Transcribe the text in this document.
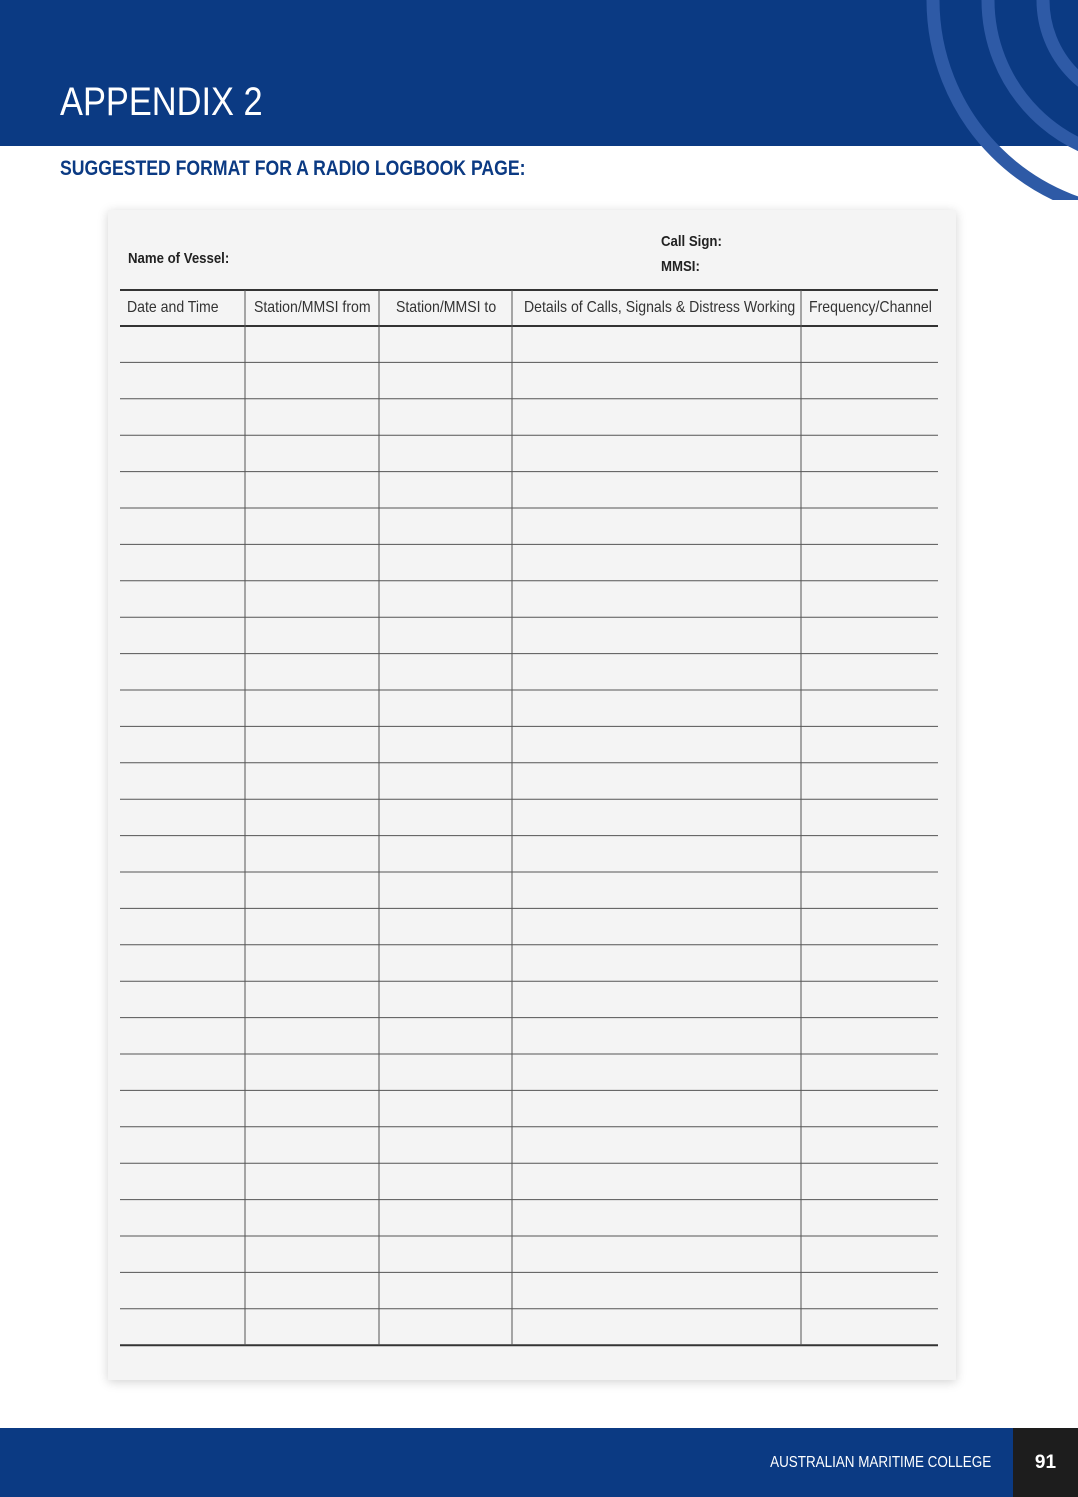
APPENDIX 2
SUGGESTED FORMAT FOR A RADIO LOGBOOK PAGE:
Name of Vessel:
Call Sign:
MMSI:
Date and Time Station/MMSI from Station/MMSI to Details of Calls, Signals & Distress Working Frequency/Channel
AUSTRALIAN MARITIME COLLEGE	91
